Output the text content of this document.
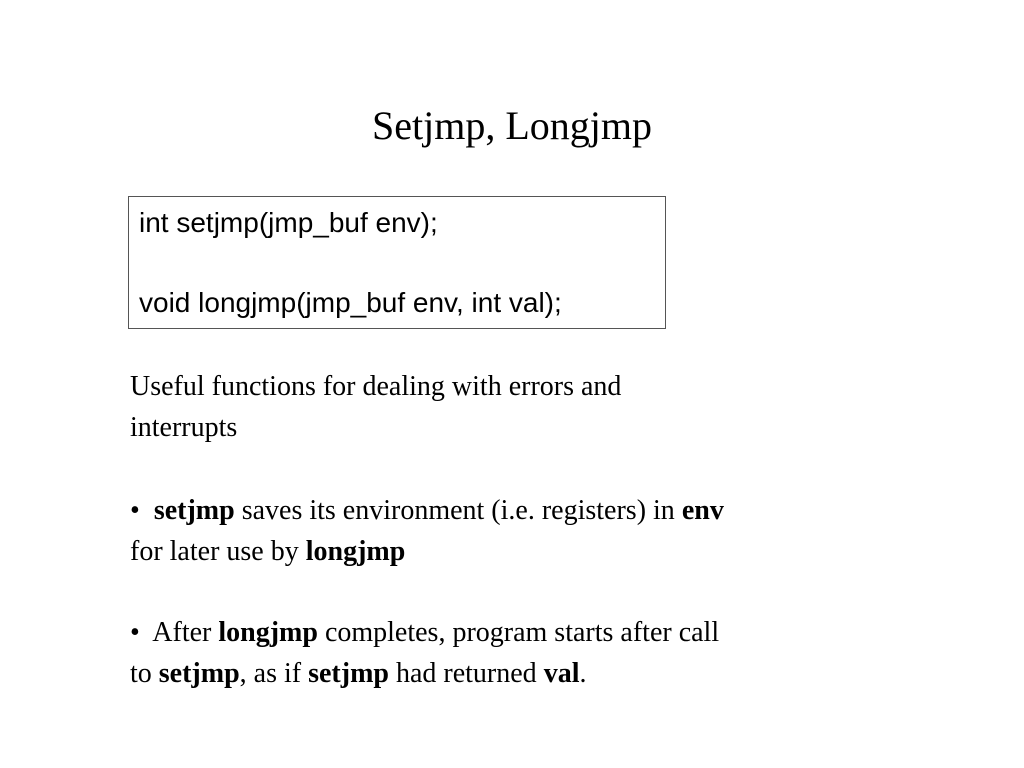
Setjmp, Longjmp
int setjmp(jmp_buf env);
void longjmp(jmp_buf env, int val);
Useful functions for dealing with errors and
interrupts
• setjmp saves its environment (i.e. registers) in env
for later use by longjmp
• After longjmp completes, program starts after call
to setjmp, as if setjmp had returned val.
